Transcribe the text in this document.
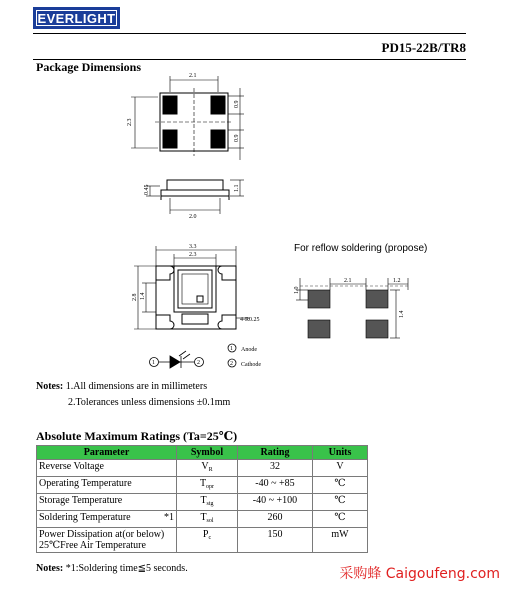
EVERLIGHT
PD15-22B/TR8
Package Dimensions
2.1
2.3
0.9
0.9
0.45	1.1
2.0
3.3
2.3
2.8 1.4
4-R0.25
1	2
1
2
Anode
Cathode
1.0
2.1	1.2
1.4
For reflow soldering (propose)
Notes: 1.All dimensions are in millimeters
2.Tolerances unless dimensions ±0.1mm
Absolute Maximum Ratings (Ta=25℃)
Parameter	Symbol	Rating	Units
Reverse Voltage	$V_R$	32	V
Operating Temperature	$T_{opr}$	-40 ~ +85	℃
Storage Temperature	$T_{stg}$	-40 ~ +100	℃
Soldering Temperature *1	$T_{sol}$	260	℃

Power Dissipation at(or below)
25℃Free Air Temperature	$P_c$	150	mW
Notes: *1:Soldering time≦5 seconds.	采购蜂 Caigoufeng.com
